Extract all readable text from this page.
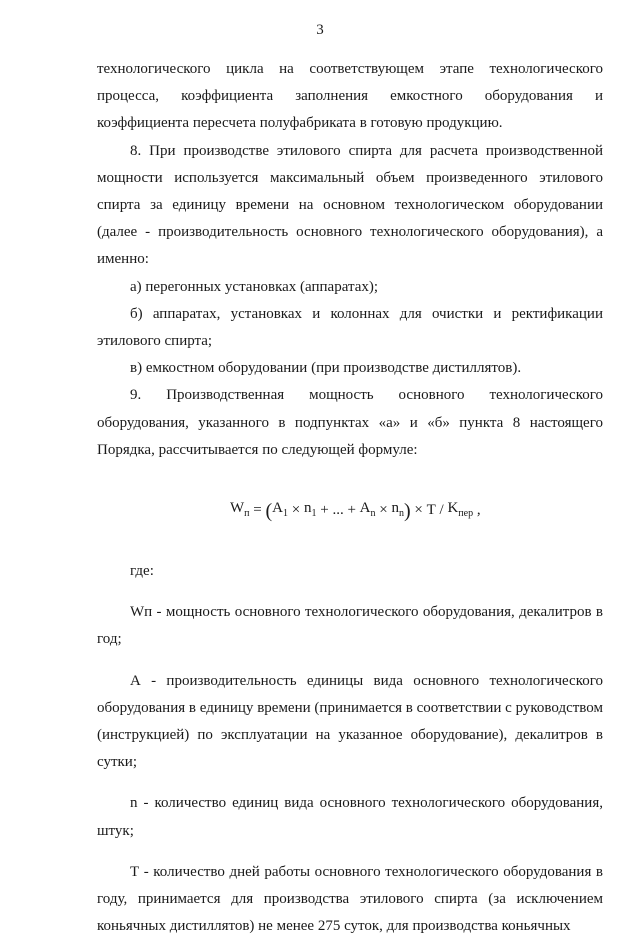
3

технологического цикла на соответствующем этапе технологического процесса, коэффициента заполнения емкостного оборудования и коэффициента пересчета полуфабриката в готовую продукцию.

8. При производстве этилового спирта для расчета производственной мощности используется максимальный объем произведенного этилового спирта за единицу времени на основном технологическом оборудовании (далее - производительность основного технологического оборудования), а именно:

а) перегонных установках (аппаратах);

б) аппаратах, установках и колоннах для очистки и ректификации этилового спирта;

в) емкостном оборудовании (при производстве дистиллятов).

9. Производственная мощность основного технологического оборудования, указанного в подпунктах «а» и «б» пункта 8 настоящего Порядка, рассчитывается по следующей формуле:

$W_п$
=
( $A_1$
×
$n_1$
+ ... +
$A_n$
×
$n_n$ )
×
T
/
$K_{пер}$
,

где:

Wп - мощность основного технологического оборудования, декалитров в год;

А - производительность единицы вида основного технологического оборудования в единицу времени (принимается в соответствии с руководством (инструкцией) по эксплуатации на указанное оборудование), декалитров в сутки;

n - количество единиц вида основного технологического оборудования, штук;

Т - количество дней работы основного технологического оборудования в году, принимается для производства этилового спирта (за исключением коньячных дистиллятов) не менее 275 суток, для производства коньячных
